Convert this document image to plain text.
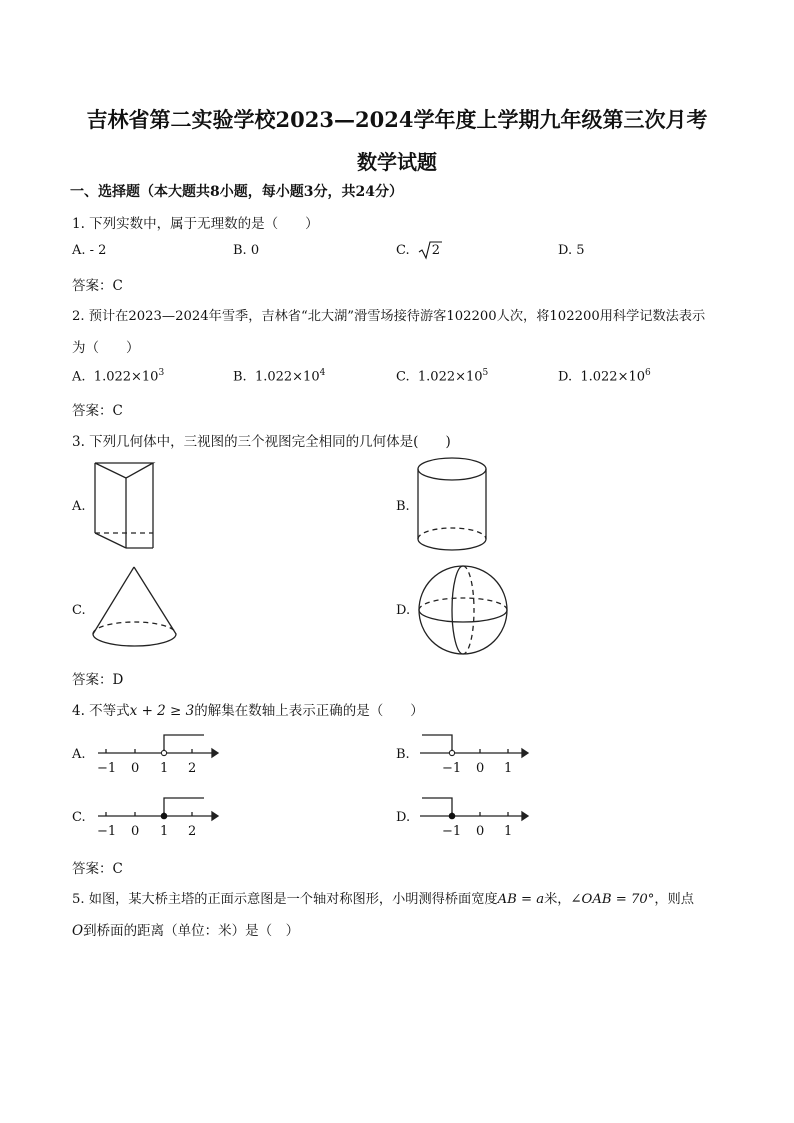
吉林省第二实验学校2023—2024学年度上学期九年级第三次月考
数学试题
一、选择题（本大题共8小题，每小题3分，共24分）
1. 下列实数中，属于无理数的是（　　）
A. - 2	B. 0	C. 2	D. 5
答案：C
2. 预计在2023—2024年雪季，吉林省“北大湖”滑雪场接待游客102200人次，将102200用科学记数法表示
为（　　）
A. $1.022\times 10^3$	B. $1.022\times 10^4$	C. $1.022\times 10^5$	D. $1.022\times 10^6$
答案：C
3. 下列几何体中，三视图的三个视图完全相同的几何体是(　　)
A.	B.
C.	D.
答案：D
4. 不等式x + 2 ≥ 3的解集在数轴上表示正确的是（　　）
A.
−1 0 1 2
B.
−1 0 1
C.
−1 0 1 2
D.
−1 0 1
答案：C
5. 如图，某大桥主塔的正面示意图是一个轴对称图形，小明测得桥面宽度AB = a米，∠OAB = 70°，则点
O到桥面的距离（单位：米）是（　）
